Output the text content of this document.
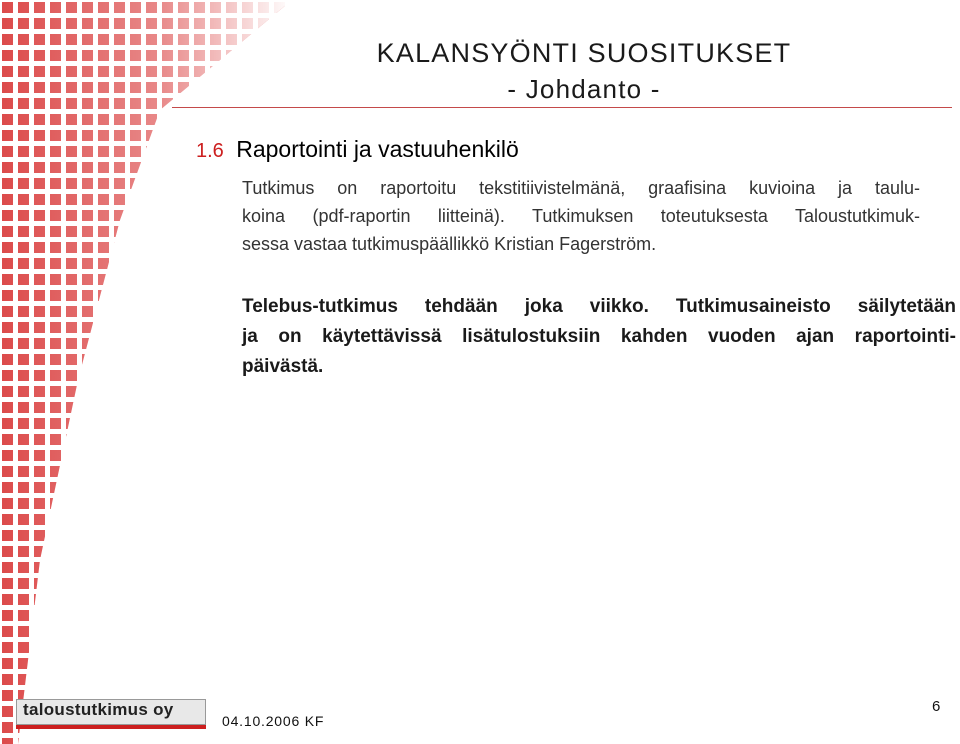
KALANSYÖNTI SUOSITUKSET
- Johdanto -
1.6 Raportointi ja vastuuhenkilö
Tutkimus on raportoitu tekstitiivistelmänä, graafisina kuvioina ja taulu-
koina (pdf-raportin liitteinä). Tutkimuksen toteutuksesta Taloustutkimuk-
sessa vastaa tutkimuspäällikkö Kristian Fagerström.
Telebus-tutkimus tehdään joka viikko. Tutkimusaineisto säilytetään
ja on käytettävissä lisätulostuksiin kahden vuoden ajan raportointi-
päivästä.
taloustutkimus oy
04.10.2006 KF
6
